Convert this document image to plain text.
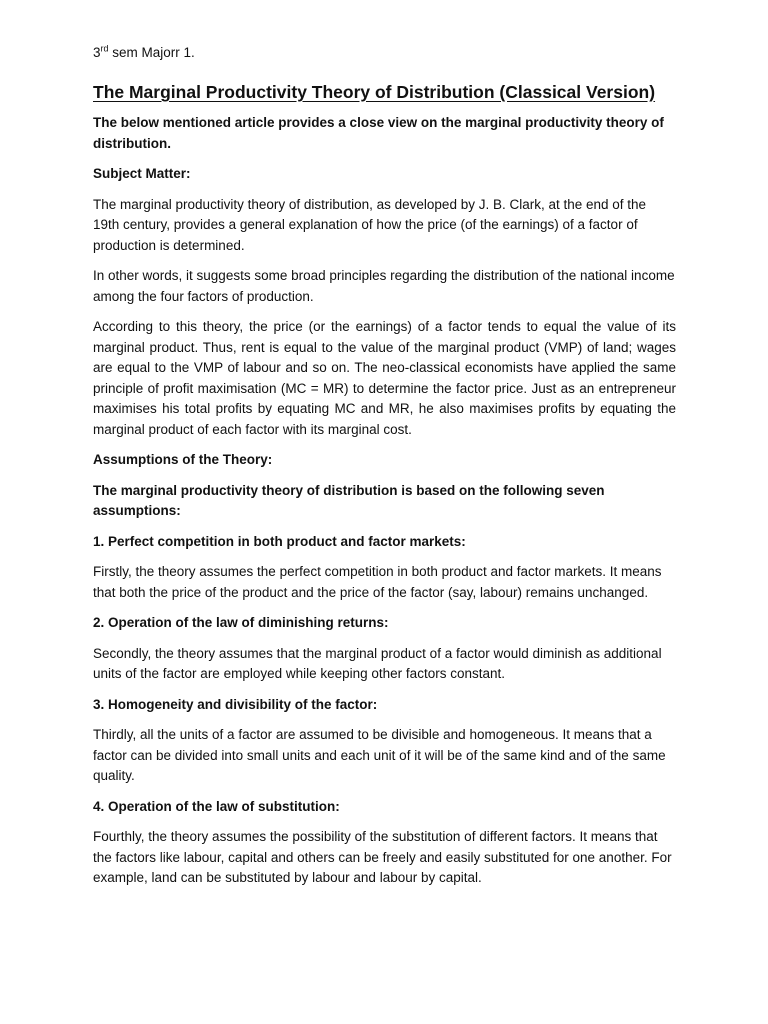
3rd sem Majorr 1.
The Marginal Productivity Theory of Distribution (Classical Version)

The below mentioned article provides a close view on the marginal productivity theory of distribution.

Subject Matter:

The marginal productivity theory of distribution, as developed by J. B. Clark, at the end of the 19th century, provides a general explanation of how the price (of the earnings) of a factor of production is determined.

In other words, it suggests some broad principles regarding the distribution of the national income among the four factors of production.

According to this theory, the price (or the earnings) of a factor tends to equal the value of its marginal product. Thus, rent is equal to the value of the marginal product (VMP) of land; wages are equal to the VMP of labour and so on. The neo-classical economists have applied the same principle of profit maximisation (MC = MR) to determine the factor price. Just as an entrepreneur maximises his total profits by equating MC and MR, he also maximises profits by equating the marginal product of each factor with its marginal cost.

Assumptions of the Theory:

The marginal productivity theory of distribution is based on the following seven assumptions:

1. Perfect competition in both product and factor markets:

Firstly, the theory assumes the perfect competition in both product and factor markets. It means that both the price of the product and the price of the factor (say, labour) remains unchanged.

2. Operation of the law of diminishing returns:

Secondly, the theory assumes that the marginal product of a factor would diminish as additional units of the factor are employed while keeping other factors constant.

3. Homogeneity and divisibility of the factor:

Thirdly, all the units of a factor are assumed to be divisible and homogeneous. It means that a factor can be divided into small units and each unit of it will be of the same kind and of the same quality.

4. Operation of the law of substitution:

Fourthly, the theory assumes the possibility of the substitution of different factors. It means that the factors like labour, capital and others can be freely and easily substituted for one another. For example, land can be substituted by labour and labour by capital.
